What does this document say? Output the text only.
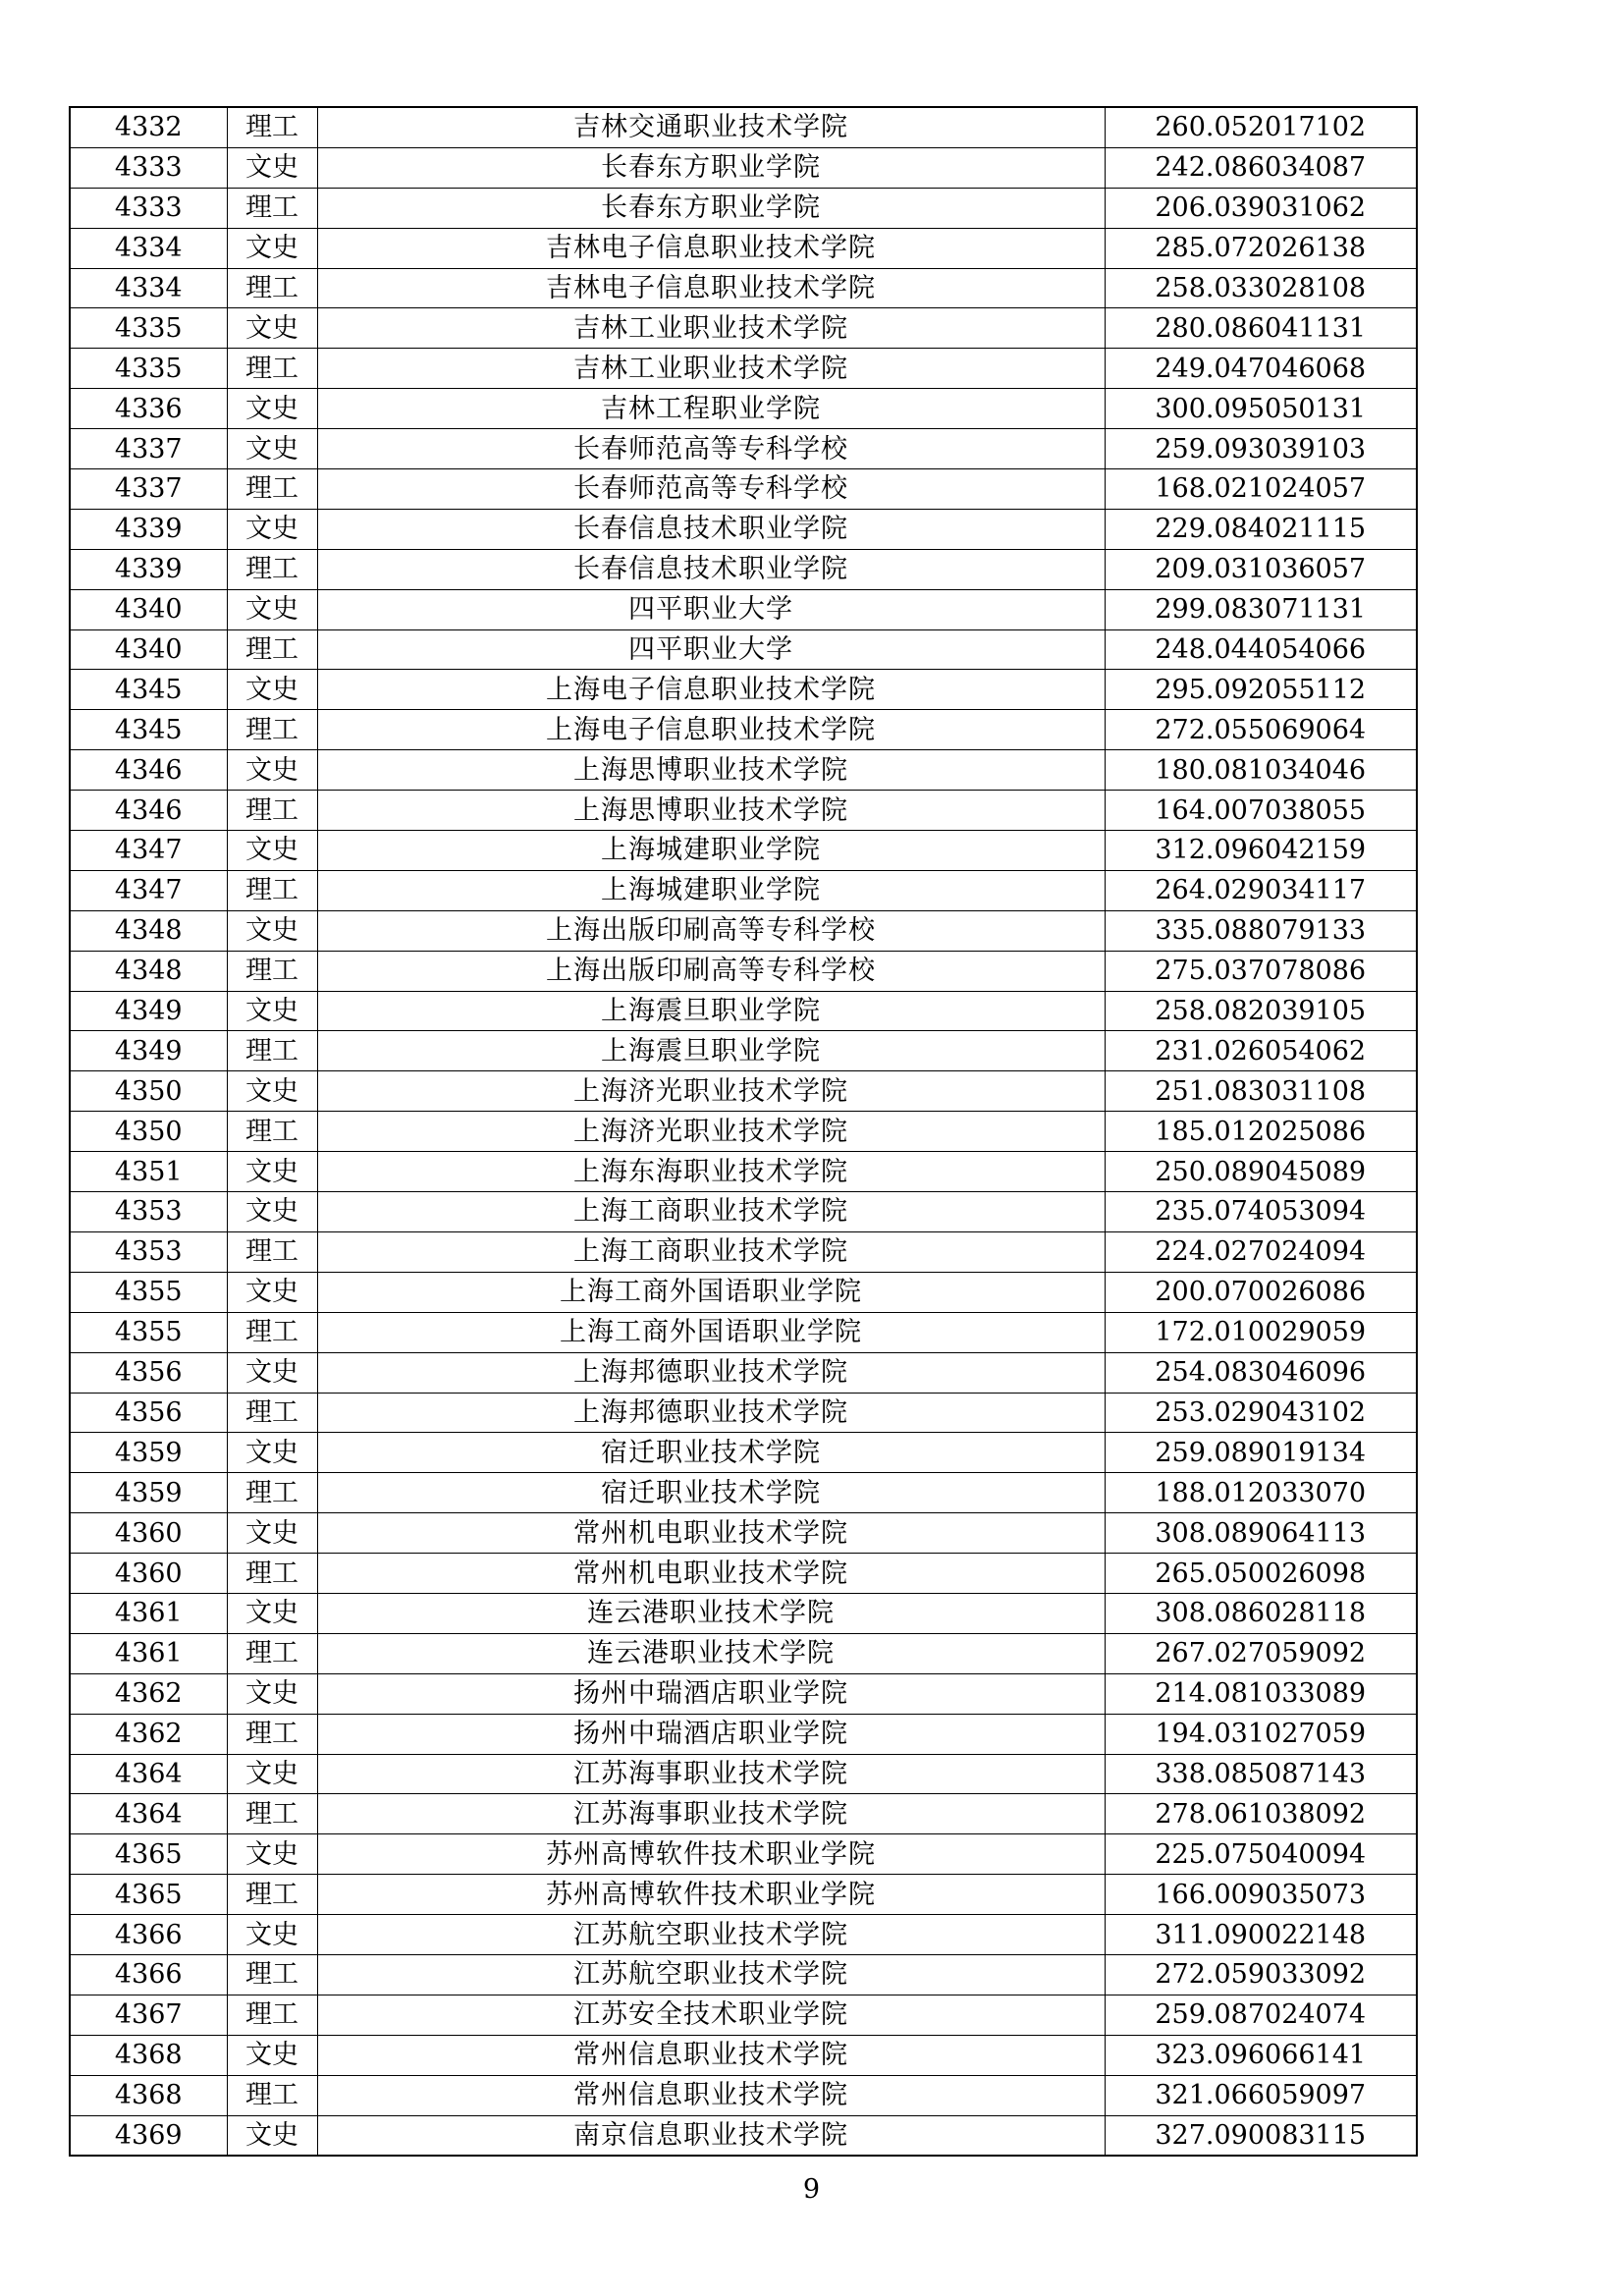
4332	理工	吉林交通职业技术学院	260.052017102
4333	文史	长春东方职业学院	242.086034087
4333	理工	长春东方职业学院	206.039031062
4334	文史	吉林电子信息职业技术学院	285.072026138
4334	理工	吉林电子信息职业技术学院	258.033028108
4335	文史	吉林工业职业技术学院	280.086041131
4335	理工	吉林工业职业技术学院	249.047046068
4336	文史	吉林工程职业学院	300.095050131
4337	文史	长春师范高等专科学校	259.093039103
4337	理工	长春师范高等专科学校	168.021024057
4339	文史	长春信息技术职业学院	229.084021115
4339	理工	长春信息技术职业学院	209.031036057
4340	文史	四平职业大学	299.083071131
4340	理工	四平职业大学	248.044054066
4345	文史	上海电子信息职业技术学院	295.092055112
4345	理工	上海电子信息职业技术学院	272.055069064
4346	文史	上海思博职业技术学院	180.081034046
4346	理工	上海思博职业技术学院	164.007038055
4347	文史	上海城建职业学院	312.096042159
4347	理工	上海城建职业学院	264.029034117
4348	文史	上海出版印刷高等专科学校	335.088079133
4348	理工	上海出版印刷高等专科学校	275.037078086
4349	文史	上海震旦职业学院	258.082039105
4349	理工	上海震旦职业学院	231.026054062
4350	文史	上海济光职业技术学院	251.083031108
4350	理工	上海济光职业技术学院	185.012025086
4351	文史	上海东海职业技术学院	250.089045089
4353	文史	上海工商职业技术学院	235.074053094
4353	理工	上海工商职业技术学院	224.027024094
4355	文史	上海工商外国语职业学院	200.070026086
4355	理工	上海工商外国语职业学院	172.010029059
4356	文史	上海邦德职业技术学院	254.083046096
4356	理工	上海邦德职业技术学院	253.029043102
4359	文史	宿迁职业技术学院	259.089019134
4359	理工	宿迁职业技术学院	188.012033070
4360	文史	常州机电职业技术学院	308.089064113
4360	理工	常州机电职业技术学院	265.050026098
4361	文史	连云港职业技术学院	308.086028118
4361	理工	连云港职业技术学院	267.027059092
4362	文史	扬州中瑞酒店职业学院	214.081033089
4362	理工	扬州中瑞酒店职业学院	194.031027059
4364	文史	江苏海事职业技术学院	338.085087143
4364	理工	江苏海事职业技术学院	278.061038092
4365	文史	苏州高博软件技术职业学院	225.075040094
4365	理工	苏州高博软件技术职业学院	166.009035073
4366	文史	江苏航空职业技术学院	311.090022148
4366	理工	江苏航空职业技术学院	272.059033092
4367	理工	江苏安全技术职业学院	259.087024074
4368	文史	常州信息职业技术学院	323.096066141
4368	理工	常州信息职业技术学院	321.066059097
4369	文史	南京信息职业技术学院	327.090083115
9
